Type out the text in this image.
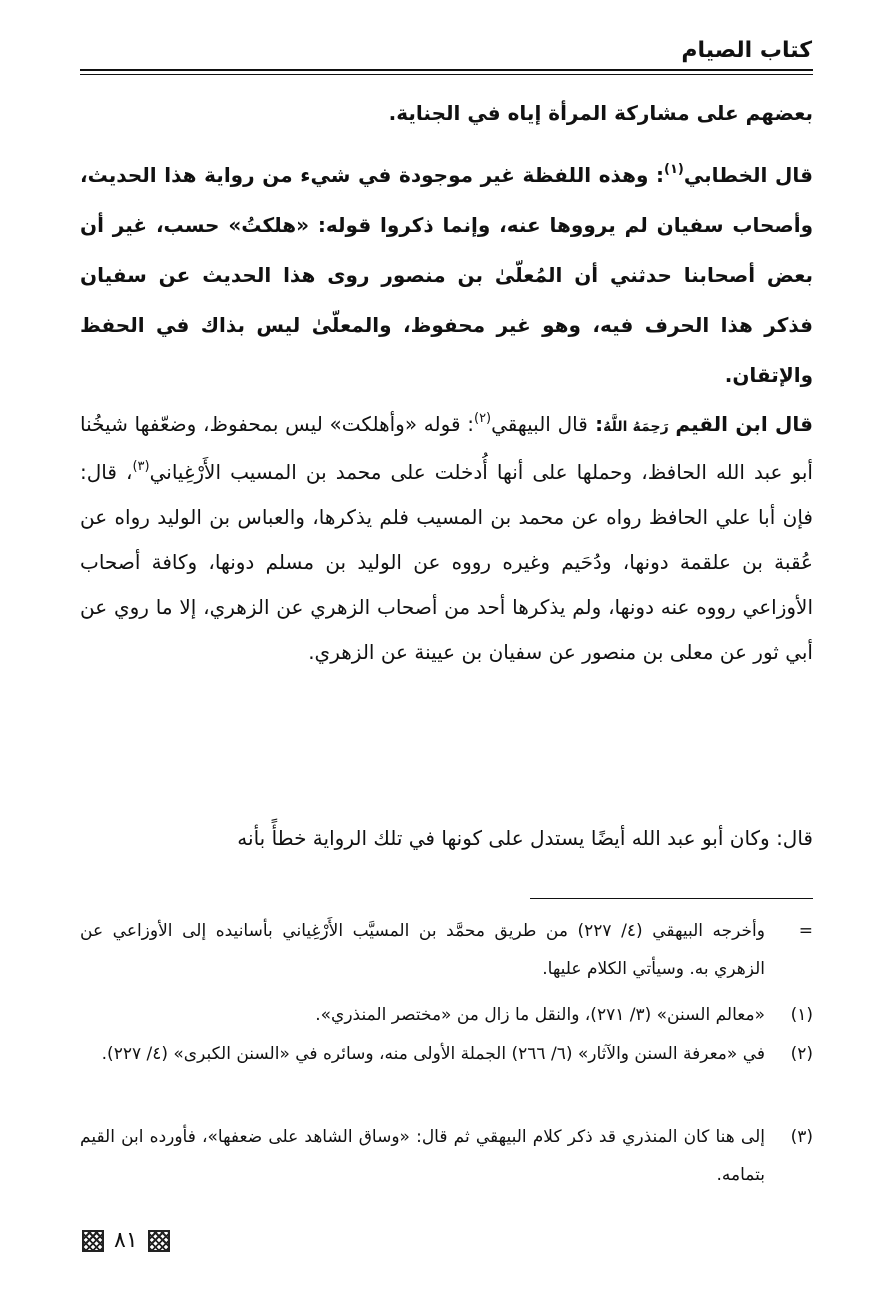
كتاب الصيام

بعضهم على مشاركة المرأة إياه في الجناية.

قال الخطابي$^{(١)}$: وهذه اللفظة غير موجودة في شيء من رواية هذا الحديث، وأصحاب سفيان لم يرووها عنه، وإنما ذكروا قوله: «هلكتُ» حسب، غير أن بعض أصحابنا حدثني أن المُعلّىٰ بن منصور روى هذا الحديث عن سفيان فذكر هذا الحرف فيه، وهو غير محفوظ، والمعلّىٰ ليس بذاك في الحفظ والإتقان.

قال ابن القيم رَحِمَهُ اللَّهُ: قال البيهقي$^{(٢)}$: قوله «وأهلكت» ليس بمحفوظ، وضعّفها شيخُنا أبو عبد الله الحافظ، وحملها على أنها أُدخلت على محمد بن المسيب الأَرْغِياني$^{(٣)}$، قال: فإن أبا علي الحافظ رواه عن محمد بن المسيب فلم يذكرها، والعباس بن الوليد رواه عن عُقبة بن علقمة دونها، ودُحَيم وغيره رووه عن الوليد بن مسلم دونها، وكافة أصحاب الأوزاعي رووه عنه دونها، ولم يذكرها أحد من أصحاب الزهري عن الزهري، إلا ما روي عن أبي ثور عن معلى بن منصور عن سفيان بن عيينة عن الزهري.

قال: وكان أبو عبد الله أيضًا يستدل على كونها في تلك الرواية خطأً بأنه

=
وأخرجه البيهقي (٤/ ٢٢٧) من طريق محمَّد بن المسيَّب الأَرْغِياني بأسانيده إلى الأوزاعي عن الزهري به. وسيأتي الكلام عليها.
(١)
«معالم السنن» (٣/ ٢٧١)، والنقل ما زال من «مختصر المنذري».
(٢)
في «معرفة السنن والآثار» (٦/ ٢٦٦) الجملة الأولى منه، وسائره في «السنن الكبرى» (٤/ ٢٢٧).
(٣)
إلى هنا كان المنذري قد ذكر كلام البيهقي ثم قال: «وساق الشاهد على ضعفها»، فأورده ابن القيم بتمامه.
٨١
